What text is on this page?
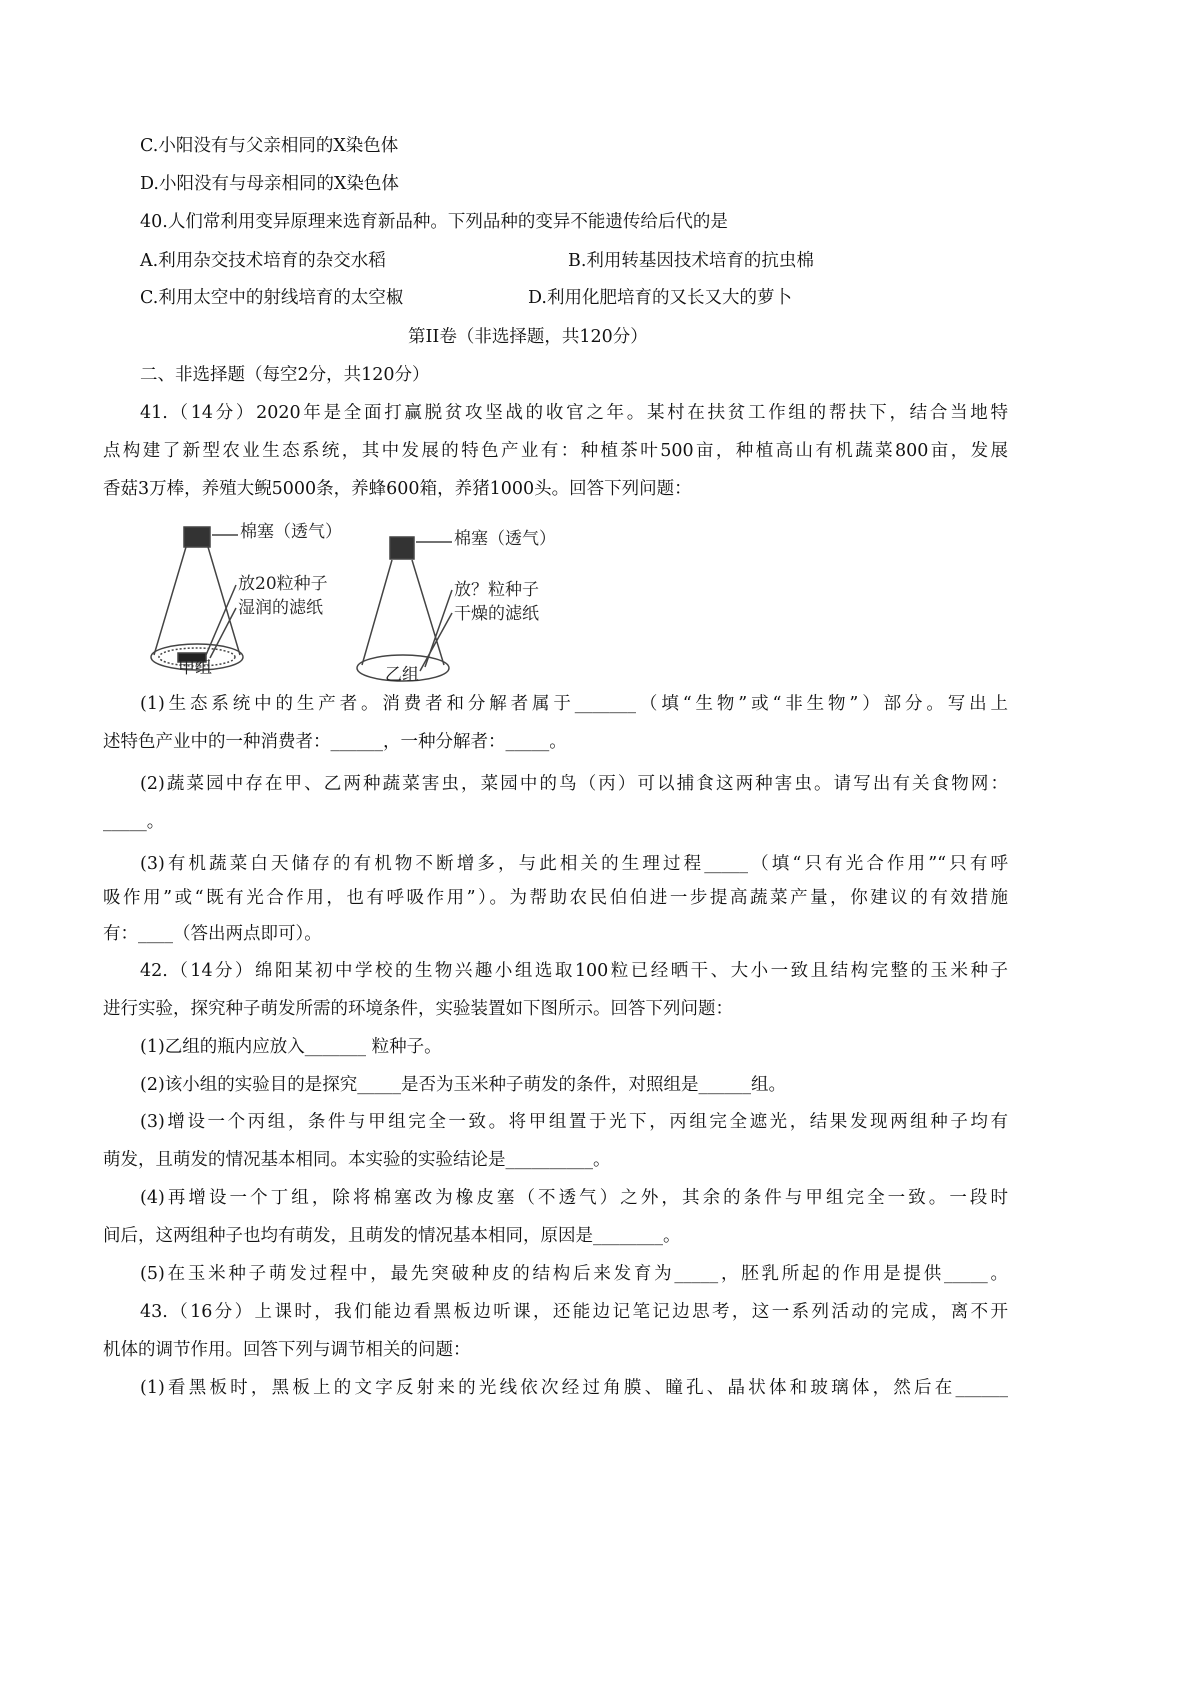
C.小阳没有与父亲相同的X染色体
D.小阳没有与母亲相同的X染色体
40.人们常利用变异原理来选育新品种。下列品种的变异不能遗传给后代的是
A.利用杂交技术培育的杂交水稻	B.利用转基因技术培育的抗虫棉
C.利用太空中的射线培育的太空椒	D.利用化肥培育的又长又大的萝卜
第II卷（非选择题，共120分）
二、非选择题（每空2分，共120分）
41.（14分）2020年是全面打赢脱贫攻坚战的收官之年。某村在扶贫工作组的帮扶下，结合当地特
点构建了新型农业生态系统，其中发展的特色产业有：种植茶叶500亩，种植高山有机蔬菜800亩，发展
香菇3万棒，养殖大鲵5000条，养蜂600箱，养猪1000头。回答下列问题：
棉塞（透气）
放20粒种子
湿润的滤纸
甲组
棉塞（透气）
放？粒种子
干燥的滤纸
乙组
(1)生态系统中的生产者。消费者和分解者属于_______（填“生物”或“非生物”）部分。写出上
述特色产业中的一种消费者：______，一种分解者：_____。
(2)蔬菜园中存在甲、乙两种蔬菜害虫，菜园中的鸟（丙）可以捕食这两种害虫。请写出有关食物网：
_____。
(3)有机蔬菜白天储存的有机物不断增多，与此相关的生理过程_____（填“只有光合作用”“只有呼
吸作用”或“既有光合作用，也有呼吸作用”）。为帮助农民伯伯进一步提高蔬菜产量，你建议的有效措施
有：____（答出两点即可）。
42.（14分）绵阳某初中学校的生物兴趣小组选取100粒已经晒干、大小一致且结构完整的玉米种子
进行实验，探究种子萌发所需的环境条件，实验装置如下图所示。回答下列问题：
(1)乙组的瓶内应放入_______ 粒种子。
(2)该小组的实验目的是探究_____是否为玉米种子萌发的条件，对照组是______组。
(3)增设一个丙组，条件与甲组完全一致。将甲组置于光下，丙组完全遮光，结果发现两组种子均有
萌发，且萌发的情况基本相同。本实验的实验结论是__________。
(4)再增设一个丁组，除将棉塞改为橡皮塞（不透气）之外，其余的条件与甲组完全一致。一段时
间后，这两组种子也均有萌发，且萌发的情况基本相同，原因是________。
(5)在玉米种子萌发过程中，最先突破种皮的结构后来发育为_____，胚乳所起的作用是提供_____。
43.（16分）上课时，我们能边看黑板边听课，还能边记笔记边思考，这一系列活动的完成，离不开
机体的调节作用。回答下列与调节相关的问题：
(1)看黑板时，黑板上的文字反射来的光线依次经过角膜、瞳孔、晶状体和玻璃体，然后在______
